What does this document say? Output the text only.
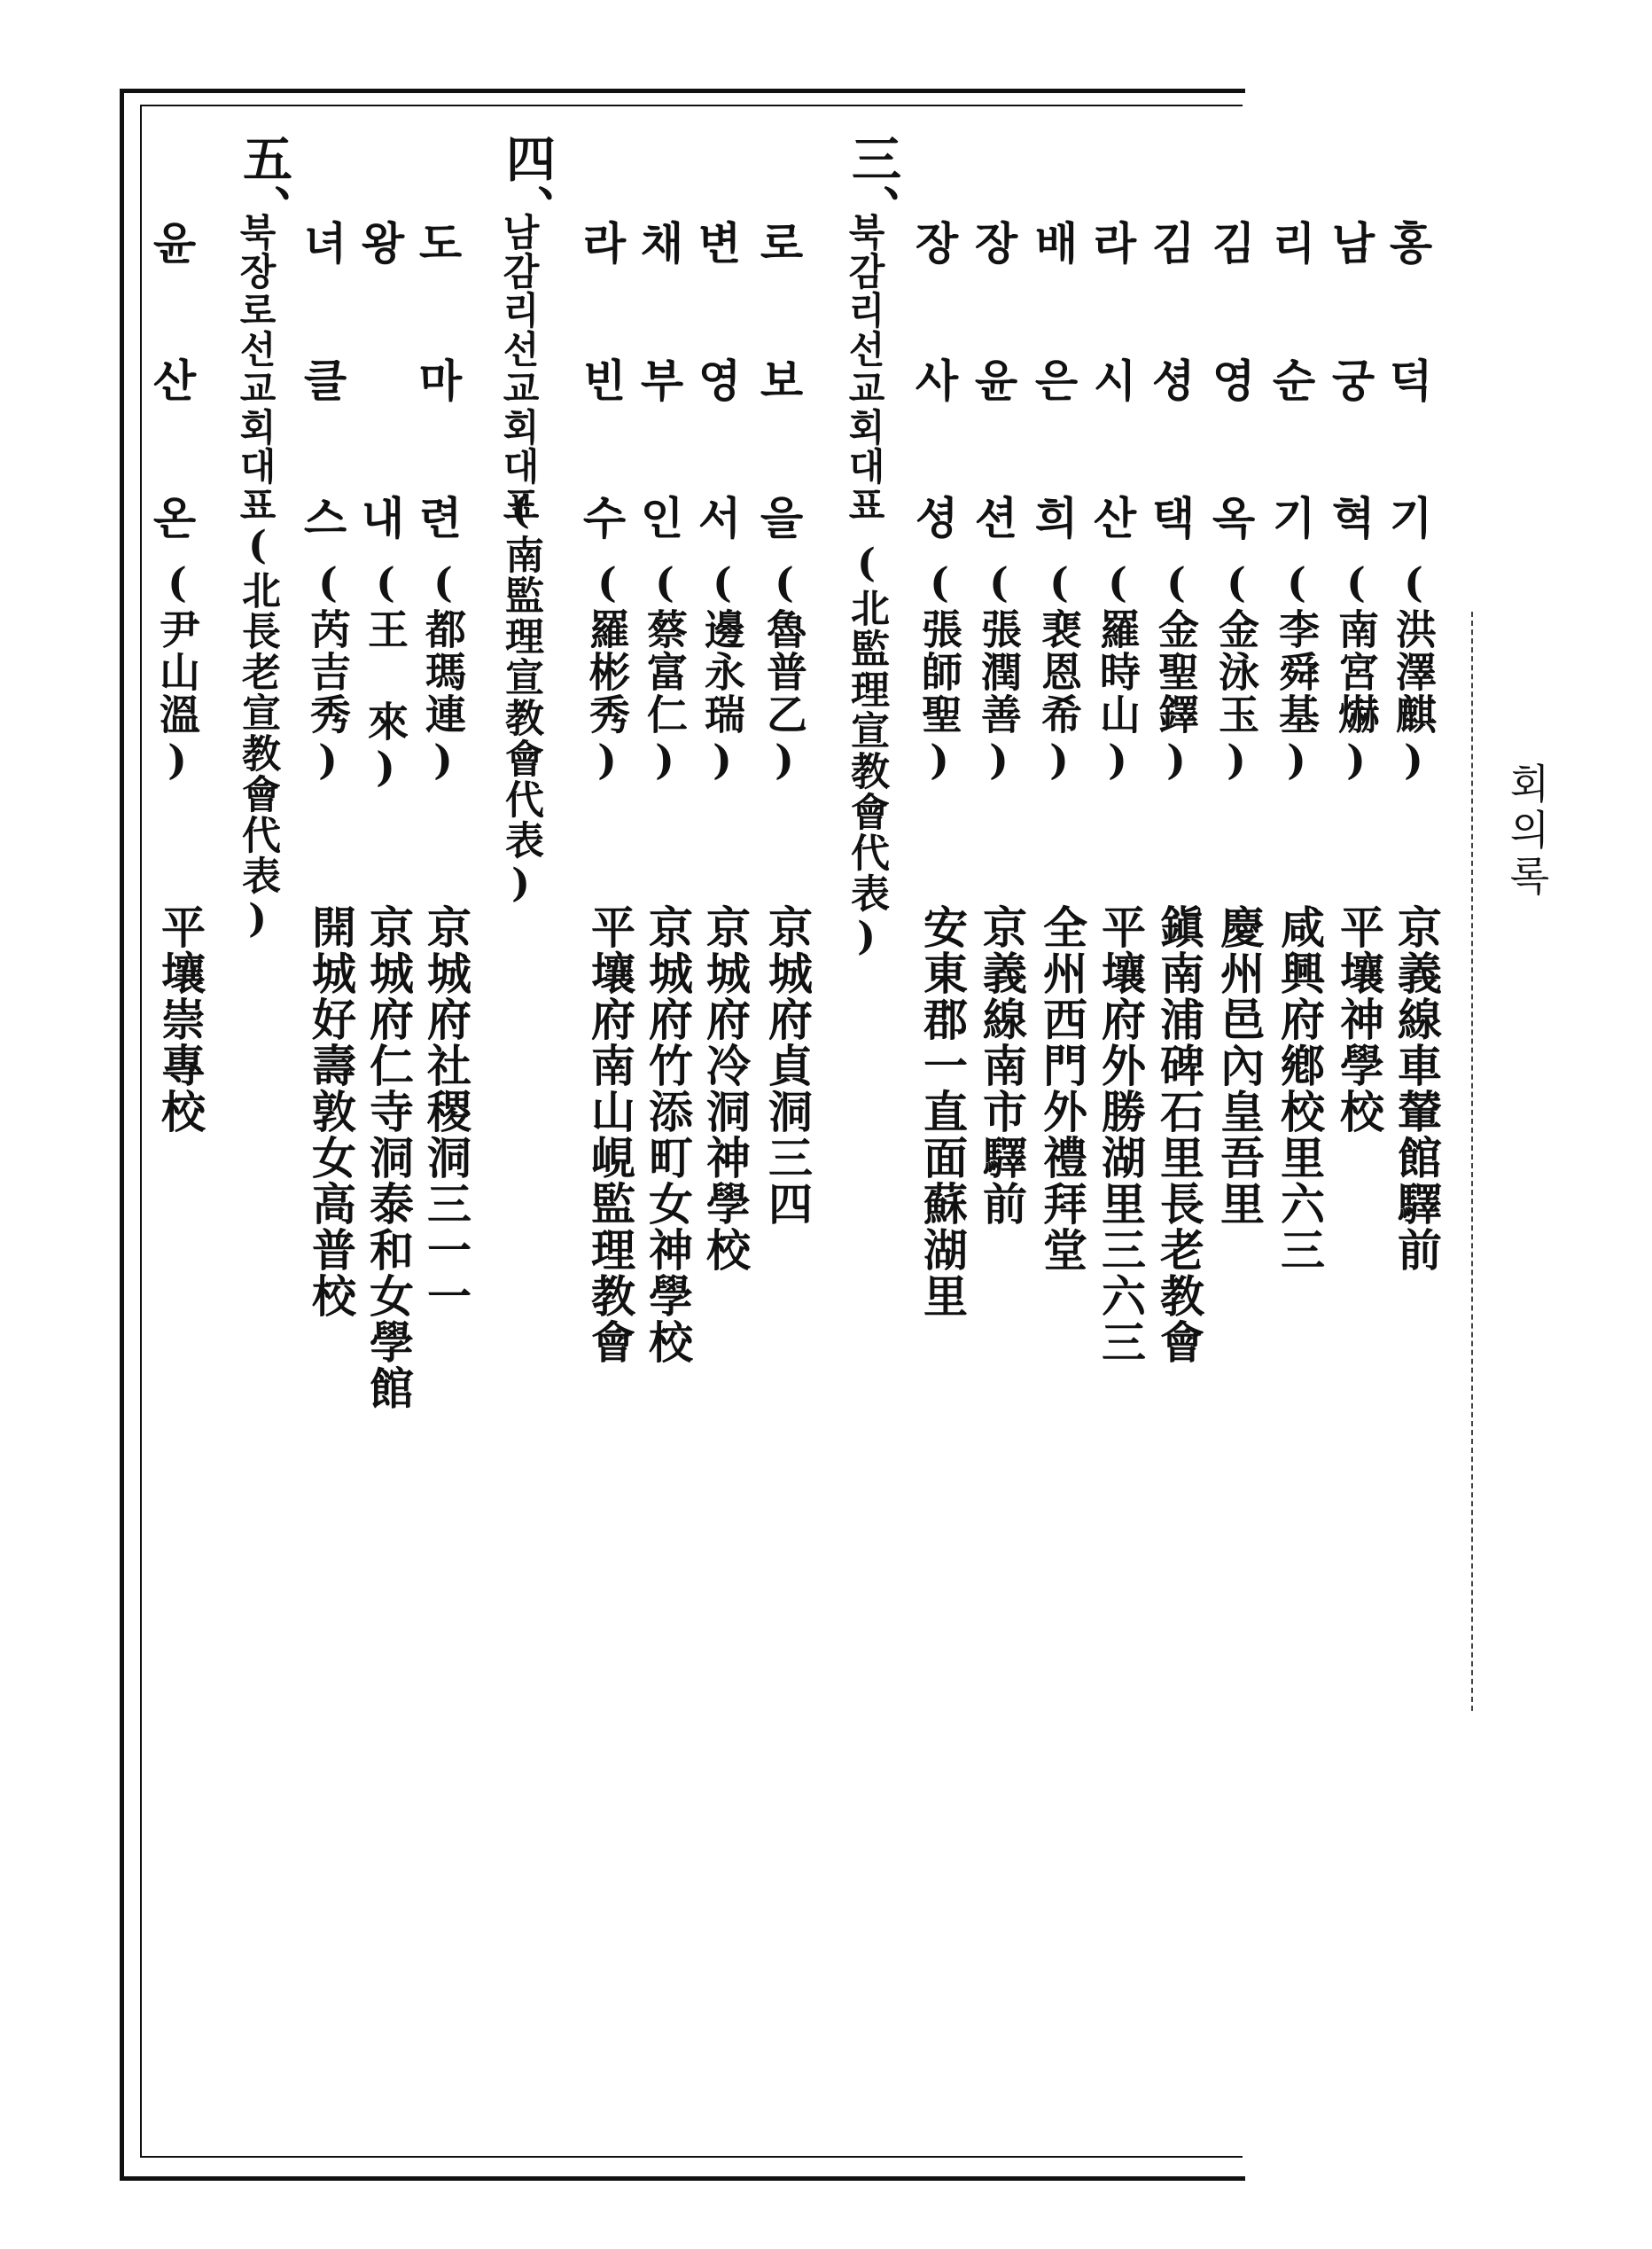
회의록
三、
북감리선교회대표
(北監理宣教會代表)
四、
남감리선교회대표
(南監理宣教會代表)
五、
북장로선교회대표
(北長老宣教會代表)
홍
덕
기
(洪澤麒)
京義線車輦館驛前
남
궁
혁
(南宮爀)
平壤神學校
리
순
기
(李舜基)
咸興府鄕校里六三
김
영
옥
(金泳玉)
慶州邑內皇吾里
김
셩
택
(金聖鐸)
鎭南浦碑石里長老教會
라
시
산
(羅時山)
平壤府外勝湖里三六三
배
은
희
(裵恩希)
全州西門外禮拜堂
장
윤
션
(張潤善)
京義線南市驛前
장
사
셩
(張師聖)
安東郡一直面蘇湖里
로
보
을
(魯普乙)
京城府貞洞三四
변
영
서
(邊永瑞)
京城府冷洞神學校
채
부
인
(蔡富仁)
京城府竹添町女神學校
라
빈
수
(羅彬秀)
平壤府南山峴監理教會
도
마
련
(都瑪連)
京城府社稷洞三一一
왕
내
(王 來)
京城府仁寺洞泰和女學館
녀
클
스
(芮吉秀)
開城好壽敦女高普校
윤
산
온
(尹山溫)
平壤崇專校
